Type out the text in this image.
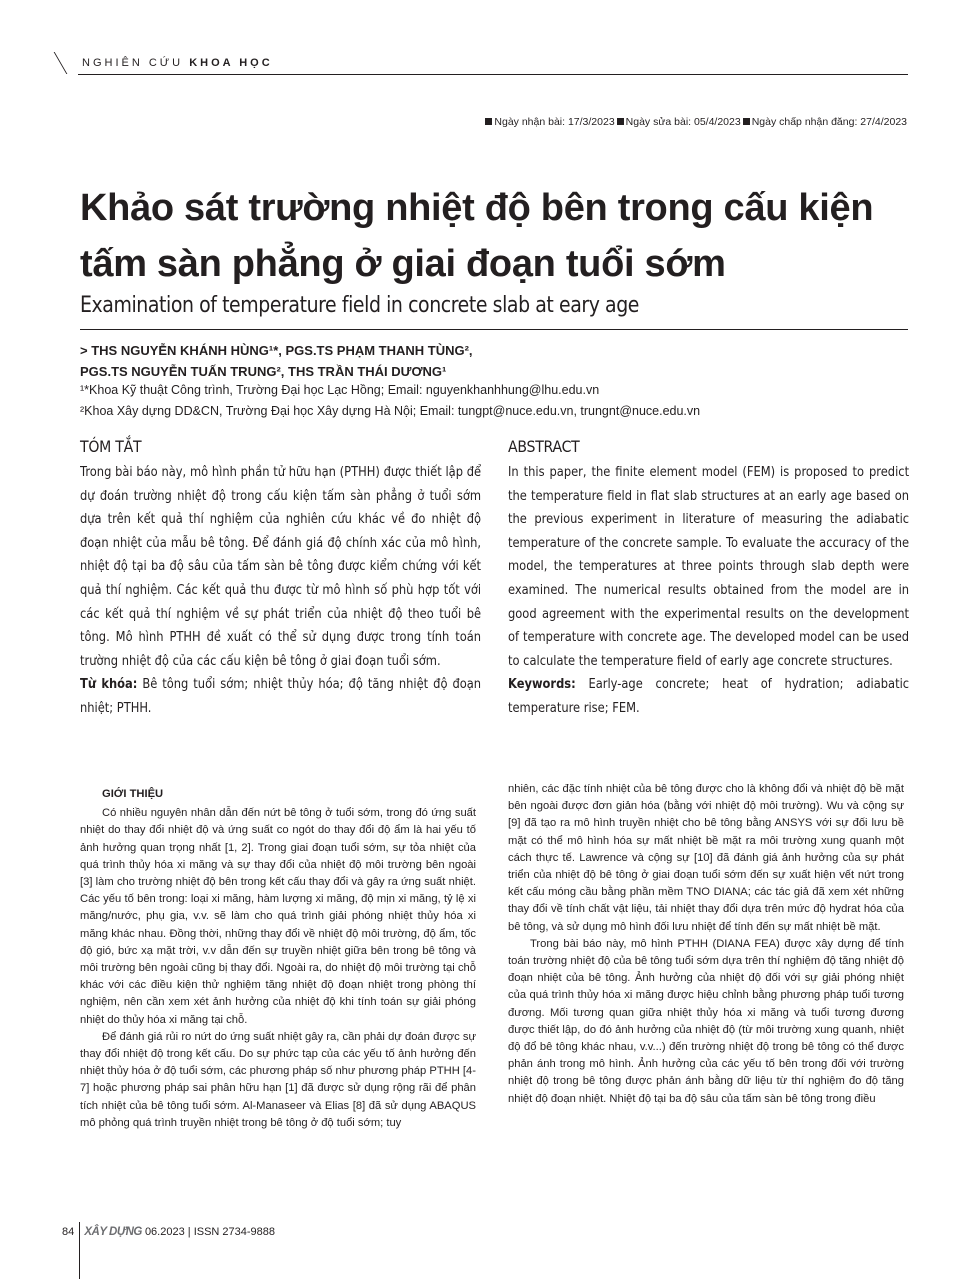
NGHIÊN CỨU KHOA HỌC
Ngày nhận bài: 17/3/2023 Ngày sửa bài: 05/4/2023 Ngày chấp nhận đăng: 27/4/2023
Khảo sát trường nhiệt độ bên trong cấu kiện
tấm sàn phẳng ở giai đoạn tuổi sớm
Examination of temperature field in concrete slab at eary age
> THS NGUYỄN KHÁNH HÙNG¹*, PGS.TS PHẠM THANH TÙNG²,
PGS.TS NGUYỄN TUẤN TRUNG², THS TRẦN THÁI DƯƠNG¹
¹*Khoa Kỹ thuật Công trình, Trường Đại học Lạc Hồng; Email: nguyenkhanhhung@lhu.edu.vn
²Khoa Xây dựng DD&CN, Trường Đại học Xây dựng Hà Nội; Email: tungpt@nuce.edu.vn, trungnt@nuce.edu.vn
TÓM TẮT
Trong bài báo này, mô hình phần tử hữu hạn (PTHH) được thiết lập để dự đoán trường nhiệt độ trong cấu kiện tấm sàn phẳng ở tuổi sớm dựa trên kết quả thí nghiệm của nghiên cứu khác về đo nhiệt độ đoạn nhiệt của mẫu bê tông. Để đánh giá độ chính xác của mô hình, nhiệt độ tại ba độ sâu của tấm sàn bê tông được kiểm chứng với kết quả thí nghiệm. Các kết quả thu được từ mô hình số phù hợp tốt với các kết quả thí nghiệm về sự phát triển của nhiệt độ theo tuổi bê tông. Mô hình PTHH đề xuất có thể sử dụng được trong tính toán trường nhiệt độ của các cấu kiện bê tông ở giai đoạn tuổi sớm.
Từ khóa: Bê tông tuổi sớm; nhiệt thủy hóa; độ tăng nhiệt độ đoạn nhiệt; PTHH.
ABSTRACT
In this paper, the finite element model (FEM) is proposed to predict the temperature field in flat slab structures at an early age based on the previous experiment in literature of measuring the adiabatic temperature of the concrete sample. To evaluate the accuracy of the model, the temperatures at three points through slab depth were examined. The numerical results obtained from the model are in good agreement with the experimental results on the development of temperature with concrete age. The developed model can be used to calculate the temperature field of early age concrete structures.
Keywords: Early-age concrete; heat of hydration; adiabatic temperature rise; FEM.
GIỚI THIỆU

Có nhiều nguyên nhân dẫn đến nứt bê tông ở tuổi sớm, trong đó ứng suất nhiệt do thay đổi nhiệt độ và ứng suất co ngót do thay đổi độ ẩm là hai yếu tố ảnh hưởng quan trọng nhất [1, 2]. Trong giai đoạn tuổi sớm, sự tỏa nhiệt của quá trình thủy hóa xi măng và sự thay đổi của nhiệt độ môi trường bên ngoài [3] làm cho trường nhiệt độ bên trong kết cấu thay đổi và gây ra ứng suất nhiệt. Các yếu tố bên trong: loại xi măng, hàm lượng xi măng, độ mịn xi măng, tỷ lệ xi măng/nước, phụ gia, v.v. sẽ làm cho quá trình giải phóng nhiệt thủy hóa xi măng khác nhau. Đồng thời, những thay đổi về nhiệt độ môi trường, độ ẩm, tốc độ gió, bức xạ mặt trời, v.v dẫn đến sự truyền nhiệt giữa bên trong bê tông và môi trường bên ngoài cũng bị thay đổi. Ngoài ra, do nhiệt độ môi trường tại chỗ khác với các điều kiện thử nghiệm tăng nhiệt độ đoạn nhiệt trong phòng thí nghiệm, nên cần xem xét ảnh hưởng của nhiệt độ khi tính toán sự giải phóng nhiệt do thủy hóa xi măng tại chỗ.

Để đánh giá rủi ro nứt do ứng suất nhiệt gây ra, cần phải dự đoán được sự thay đổi nhiệt độ trong kết cấu. Do sự phức tạp của các yếu tố ảnh hưởng đến nhiệt thủy hóa ở độ tuổi sớm, các phương pháp số như phương pháp PTHH [4-7] hoặc phương pháp sai phân hữu hạn [1] đã được sử dụng rộng rãi để phân tích nhiệt của bê tông tuổi sớm. Al-Manaseer và Elias [8] đã sử dụng ABAQUS mô phỏng quá trình truyền nhiệt trong bê tông ở độ tuổi sớm; tuy

nhiên, các đặc tính nhiệt của bê tông được cho là không đổi và nhiệt độ bề mặt bên ngoài được đơn giản hóa (bằng với nhiệt độ môi trường). Wu và cộng sự [9] đã tạo ra mô hình truyền nhiệt cho bê tông bằng ANSYS với sự đối lưu bề mặt có thể mô hình hóa sự mất nhiệt bề mặt ra môi trường xung quanh một cách thực tế. Lawrence và cộng sự [10] đã đánh giá ảnh hưởng của sự phát triển của nhiệt độ bê tông ở giai đoạn tuổi sớm đến sự xuất hiện vết nứt trong kết cấu móng cầu bằng phần mềm TNO DIANA; các tác giả đã xem xét những thay đổi về tính chất vật liệu, tải nhiệt thay đổi dựa trên mức độ hydrat hóa của bê tông, và sử dụng mô hình đối lưu nhiệt để tính đến sự mất nhiệt bề mặt.

Trong bài báo này, mô hình PTHH (DIANA FEA) được xây dựng để tính toán trường nhiệt độ của bê tông tuổi sớm dựa trên thí nghiệm độ tăng nhiệt độ đoạn nhiệt của bê tông. Ảnh hưởng của nhiệt độ đối với sự giải phóng nhiệt của quá trình thủy hóa xi măng được hiệu chỉnh bằng phương pháp tuổi tương đương. Mối tương quan giữa nhiệt thủy hóa xi măng và tuổi tương đương được thiết lập, do đó ảnh hưởng của nhiệt độ (từ môi trường xung quanh, nhiệt độ đổ bê tông khác nhau, v.v...) đến trường nhiệt độ trong bê tông có thể được phản ánh trong mô hình. Ảnh hưởng của các yếu tố bên trong đối với trường nhiệt độ trong bê tông được phản ánh bằng dữ liệu từ thí nghiệm đo độ tăng nhiệt độ đoạn nhiệt. Nhiệt độ tại ba độ sâu của tấm sàn bê tông trong điều

84 XÂY DỰNG 06.2023 | ISSN 2734-9888
